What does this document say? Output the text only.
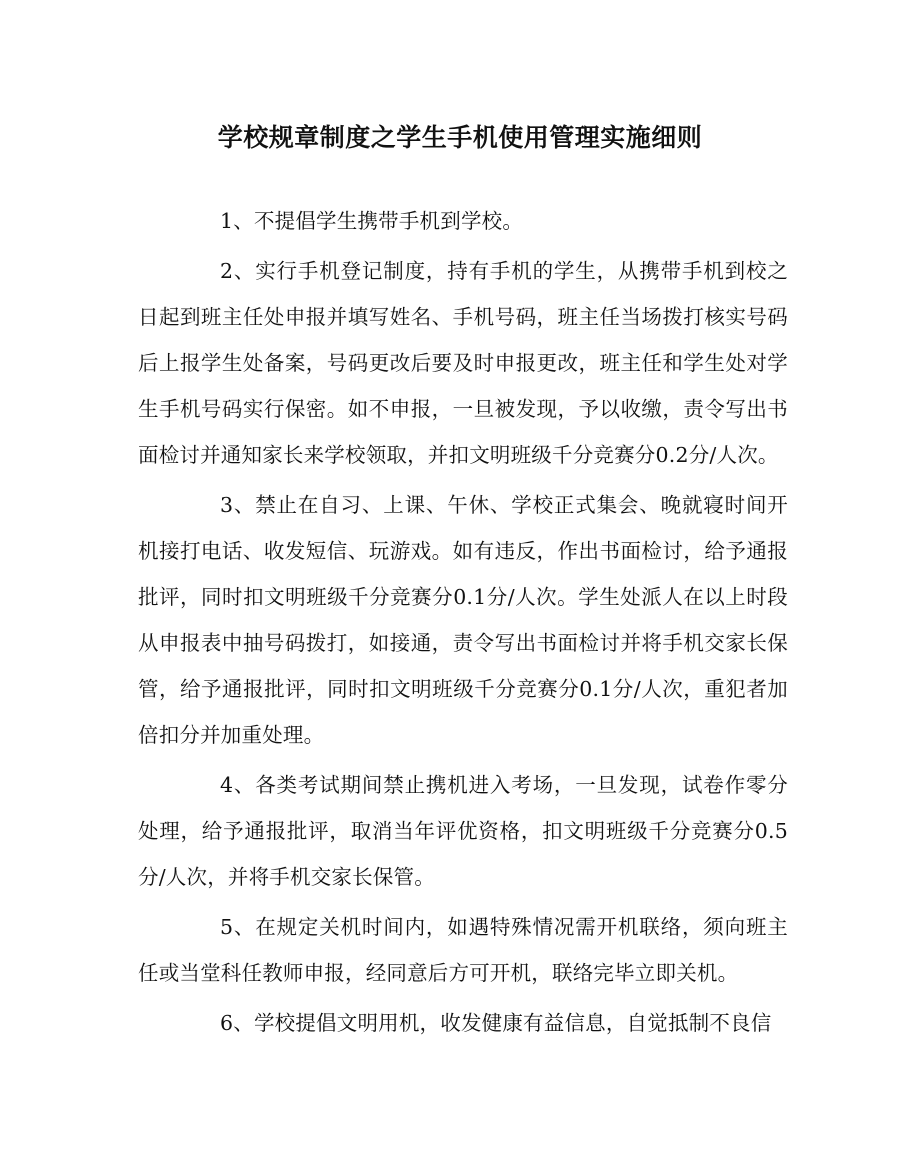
学校规章制度之学生手机使用管理实施细则

1、不提倡学生携带手机到学校。

2、实行手机登记制度，持有手机的学生，从携带手机到校之日起到班主任处申报并填写姓名、手机号码，班主任当场拨打核实号码后上报学生处备案，号码更改后要及时申报更改，班主任和学生处对学生手机号码实行保密。如不申报，一旦被发现，予以收缴，责令写出书面检讨并通知家长来学校领取，并扣文明班级千分竞赛分0.2分/人次。

3、禁止在自习、上课、午休、学校正式集会、晚就寝时间开机接打电话、收发短信、玩游戏。如有违反，作出书面检讨，给予通报批评，同时扣文明班级千分竞赛分0.1分/人次。学生处派人在以上时段从申报表中抽号码拨打，如接通，责令写出书面检讨并将手机交家长保管，给予通报批评，同时扣文明班级千分竞赛分0.1分/人次，重犯者加倍扣分并加重处理。

4、各类考试期间禁止携机进入考场，一旦发现，试卷作零分处理，给予通报批评，取消当年评优资格，扣文明班级千分竞赛分0.5分/人次，并将手机交家长保管。

5、在规定关机时间内，如遇特殊情况需开机联络，须向班主任或当堂科任教师申报，经同意后方可开机，联络完毕立即关机。

6、学校提倡文明用机，收发健康有益信息，自觉抵制不良信
